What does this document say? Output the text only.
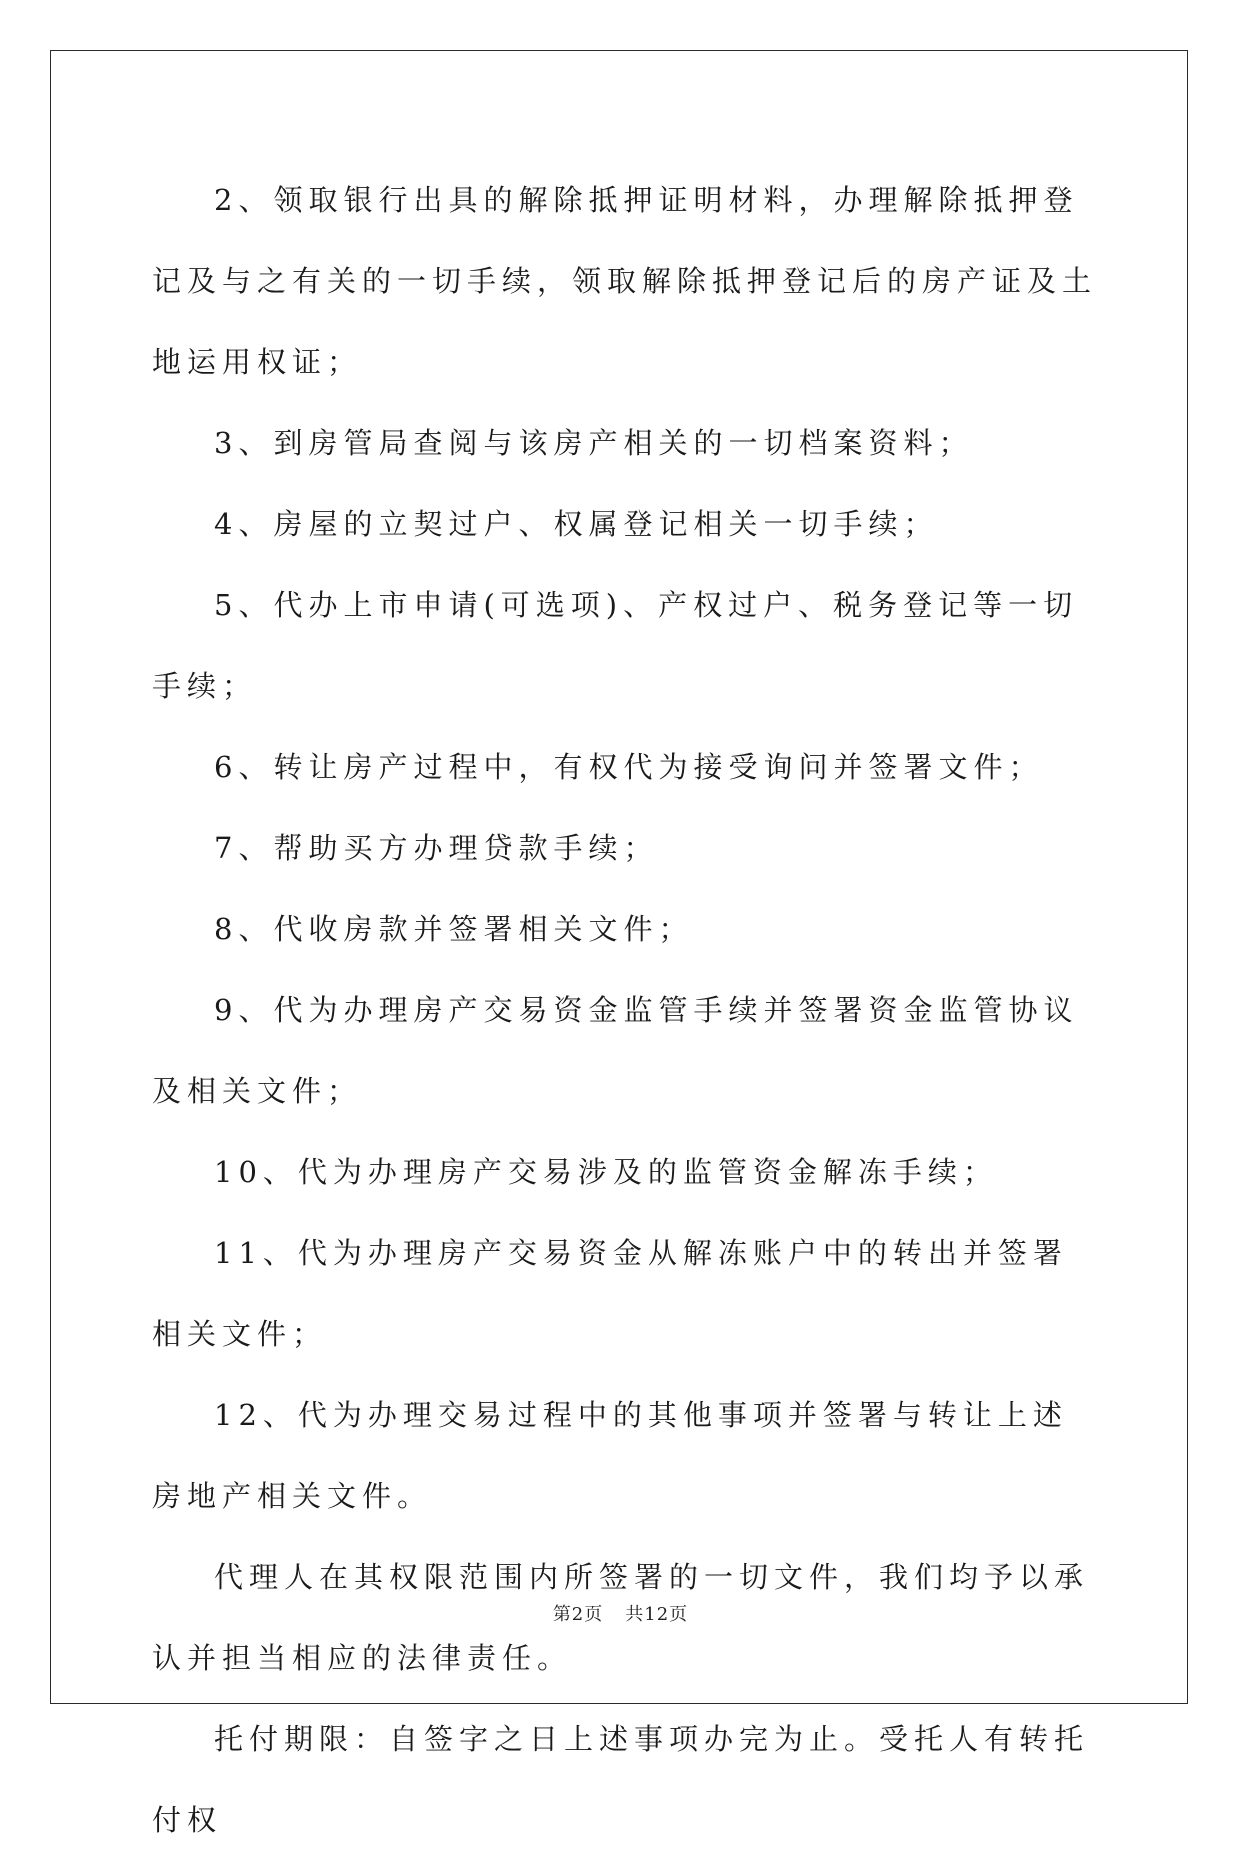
2、领取银行出具的解除抵押证明材料，办理解除抵押登记及与之有关的一切手续，领取解除抵押登记后的房产证及土地运用权证；

3、到房管局查阅与该房产相关的一切档案资料；

4、房屋的立契过户、权属登记相关一切手续；

5、代办上市申请(可选项)、产权过户、税务登记等一切手续；

6、转让房产过程中，有权代为接受询问并签署文件；

7、帮助买方办理贷款手续；

8、代收房款并签署相关文件；

9、代为办理房产交易资金监管手续并签署资金监管协议及相关文件；

10、代为办理房产交易涉及的监管资金解冻手续；

11、代为办理房产交易资金从解冻账户中的转出并签署相关文件；

12、代为办理交易过程中的其他事项并签署与转让上述房地产相关文件。

代理人在其权限范围内所签署的一切文件，我们均予以承认并担当相应的法律责任。

托付期限：自签字之日上述事项办完为止。受托人有转托付权

第2页 共12页
